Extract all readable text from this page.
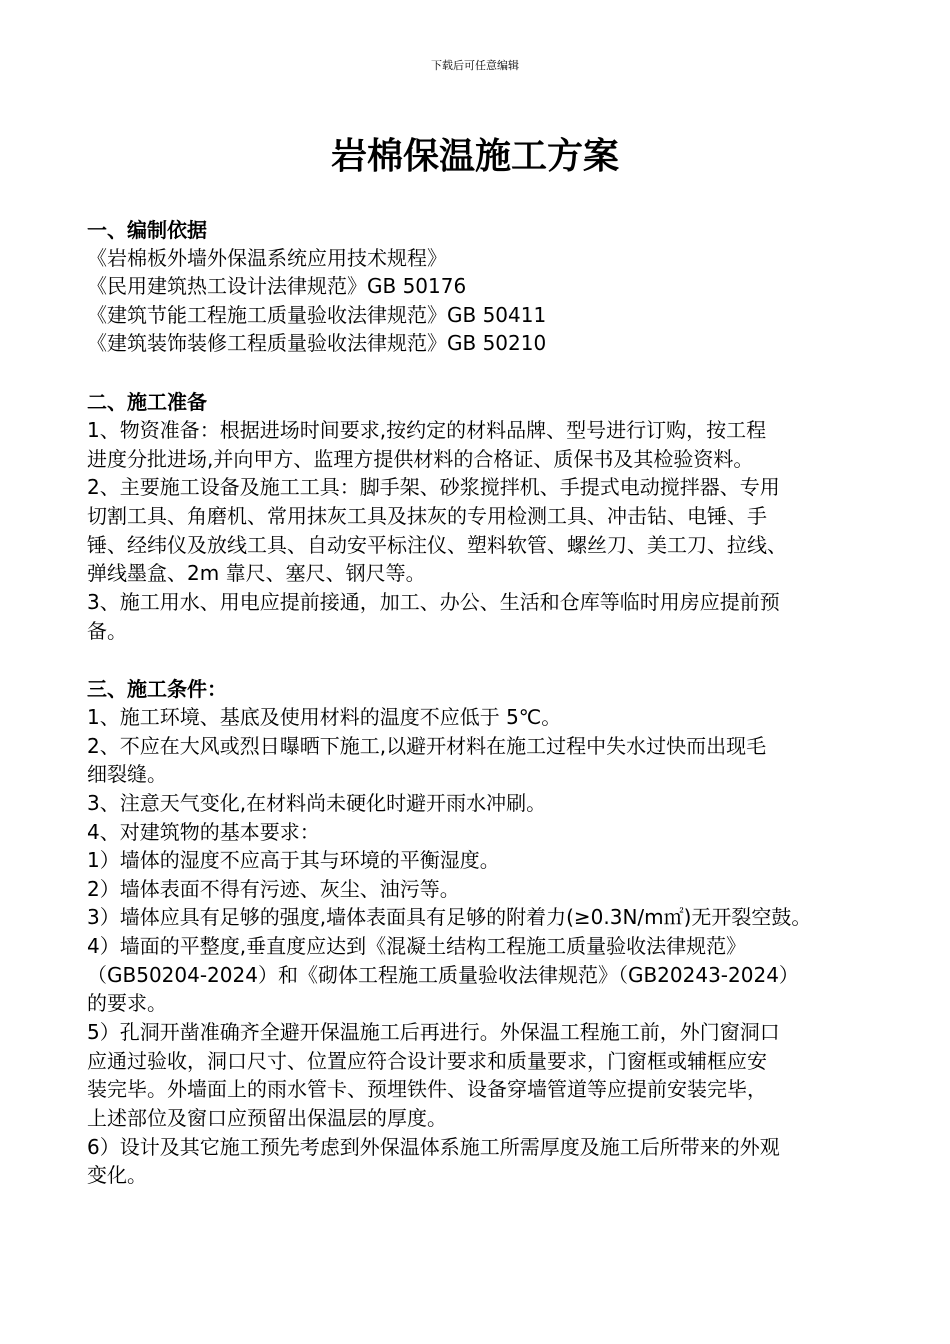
下载后可任意编辑
岩棉保温施工方案
一、编制依据
《岩棉板外墙外保温系统应用技术规程》
《民用建筑热工设计法律规范》GB 50176
《建筑节能工程施工质量验收法律规范》GB 50411
《建筑装饰装修工程质量验收法律规范》GB 50210
二、施工准备
1、物资准备：根据进场时间要求,按约定的材料品牌、型号进行订购，按工程
进度分批进场,并向甲方、监理方提供材料的合格证、质保书及其检验资料。
2、主要施工设备及施工工具：脚手架、砂浆搅拌机、手提式电动搅拌器、专用
切割工具、角磨机、常用抹灰工具及抹灰的专用检测工具、冲击钻、电锤、手
锤、经纬仪及放线工具、自动安平标注仪、塑料软管、螺丝刀、美工刀、拉线、
弹线墨盒、2m 靠尺、塞尺、钢尺等。
3、施工用水、用电应提前接通，加工、办公、生活和仓库等临时用房应提前预
备。
三、施工条件：
1、施工环境、基底及使用材料的温度不应低于 5℃。
2、不应在大风或烈日曝晒下施工,以避开材料在施工过程中失水过快而出现毛
细裂缝。
3、注意天气变化,在材料尚未硬化时避开雨水冲刷。
4、对建筑物的基本要求：
1）墙体的湿度不应高于其与环境的平衡湿度。
2）墙体表面不得有污迹、灰尘、油污等。
3）墙体应具有足够的强度,墙体表面具有足够的附着力(≥0.3N/m㎡)无开裂空鼓。
4）墙面的平整度,垂直度应达到《混凝土结构工程施工质量验收法律规范》
（GB50204-2024）和《砌体工程施工质量验收法律规范》（GB20243-2024）
的要求。
5）孔洞开凿准确齐全避开保温施工后再进行。外保温工程施工前，外门窗洞口
应通过验收，洞口尺寸、位置应符合设计要求和质量要求，门窗框或辅框应安
装完毕。外墙面上的雨水管卡、预埋铁件、设备穿墙管道等应提前安装完毕，
上述部位及窗口应预留出保温层的厚度。
6）设计及其它施工预先考虑到外保温体系施工所需厚度及施工后所带来的外观
变化。
